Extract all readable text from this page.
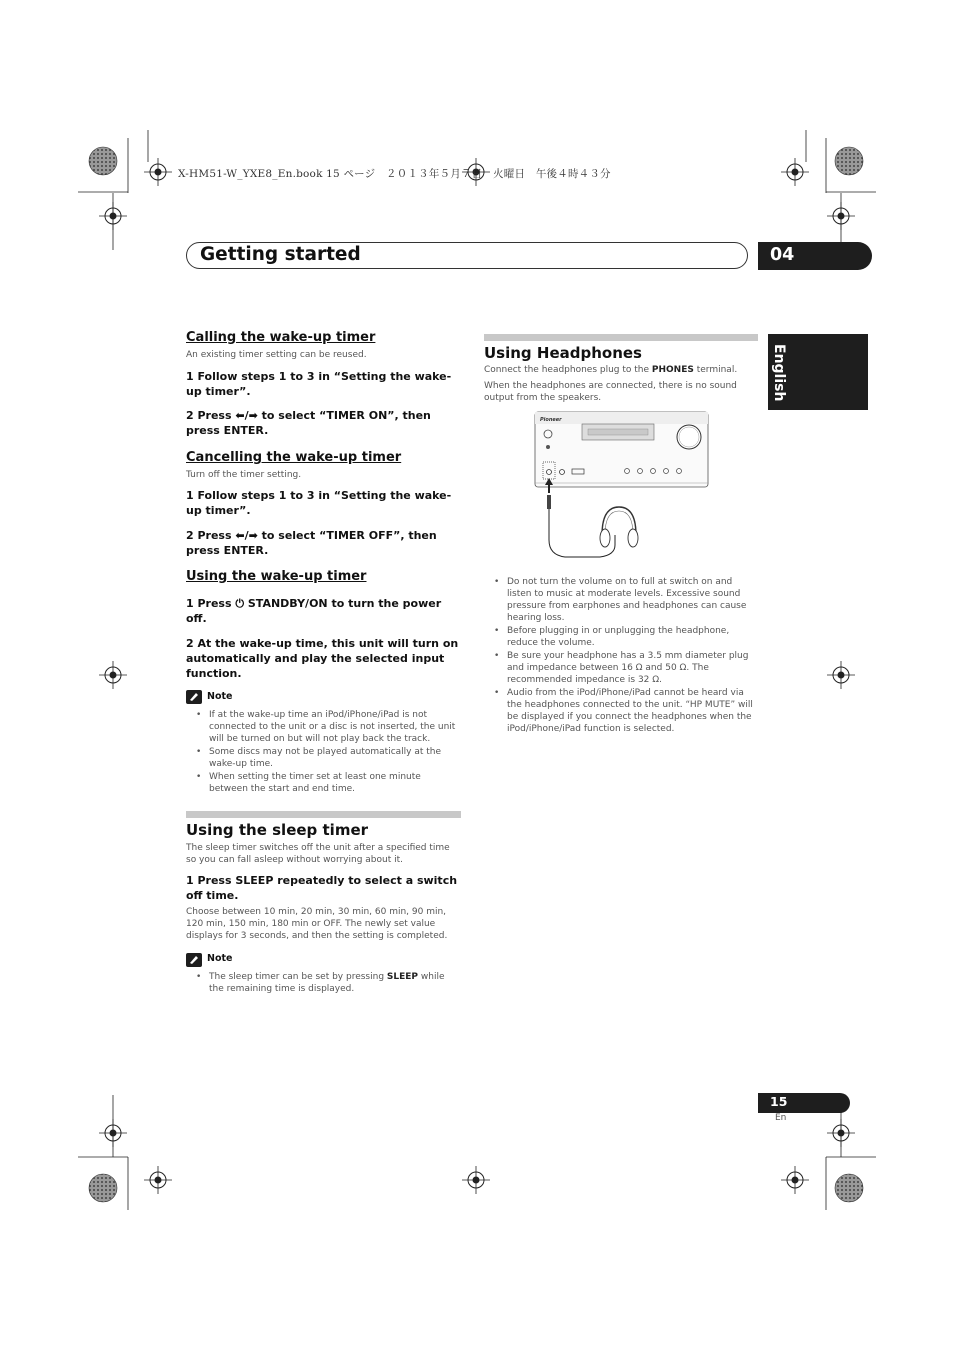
X-HM51-W_YXE8_En.book 15 ページ　２０１３年５月７日　火曜日　午後４時４３分
Getting started	04
English
Calling the wake-up timer
An existing timer setting can be reused.
1 Follow steps 1 to 3 in “Setting the wake-up timer”.
2 Press ⬅/➡ to select “TIMER ON”, then press ENTER.
Cancelling the wake-up timer
Turn off the timer setting.
1 Follow steps 1 to 3 in “Setting the wake-up timer”.
2 Press ⬅/➡ to select “TIMER OFF”, then press ENTER.
Using the wake-up timer
1 Press ⏻ STANDBY/ON to turn the power off.
2 At the wake-up time, this unit will turn on automatically and play the selected input function.
Note
• If at the wake-up time an iPod/iPhone/iPad is not connected to the unit or a disc is not inserted, the unit will be turned on but will not play back the track.
• Some discs may not be played automatically at the wake-up time.
• When setting the timer set at least one minute between the start and end time.
Using the sleep timer
The sleep timer switches off the unit after a specified time so you can fall asleep without worrying about it.
1 Press SLEEP repeatedly to select a switch off time.
Choose between 10 min, 20 min, 30 min, 60 min, 90 min, 120 min, 150 min, 180 min or OFF. The newly set value displays for 3 seconds, and then the setting is completed.
Note
• The sleep timer can be set by pressing SLEEP while the remaining time is displayed.
Using Headphones
Connect the headphones plug to the PHONES terminal.
When the headphones are connected, there is no sound output from the speakers.
Pioneer
• Do not turn the volume on to full at switch on and listen to music at moderate levels. Excessive sound pressure from earphones and headphones can cause hearing loss.
• Before plugging in or unplugging the headphone, reduce the volume.
• Be sure your headphone has a 3.5 mm diameter plug and impedance between 16 Ω and 50 Ω. The recommended impedance is 32 Ω.
• Audio from the iPod/iPhone/iPad cannot be heard via the headphones connected to the unit. “HP MUTE” will be displayed if you connect the headphones when the iPod/iPhone/iPad function is selected.
15
En
